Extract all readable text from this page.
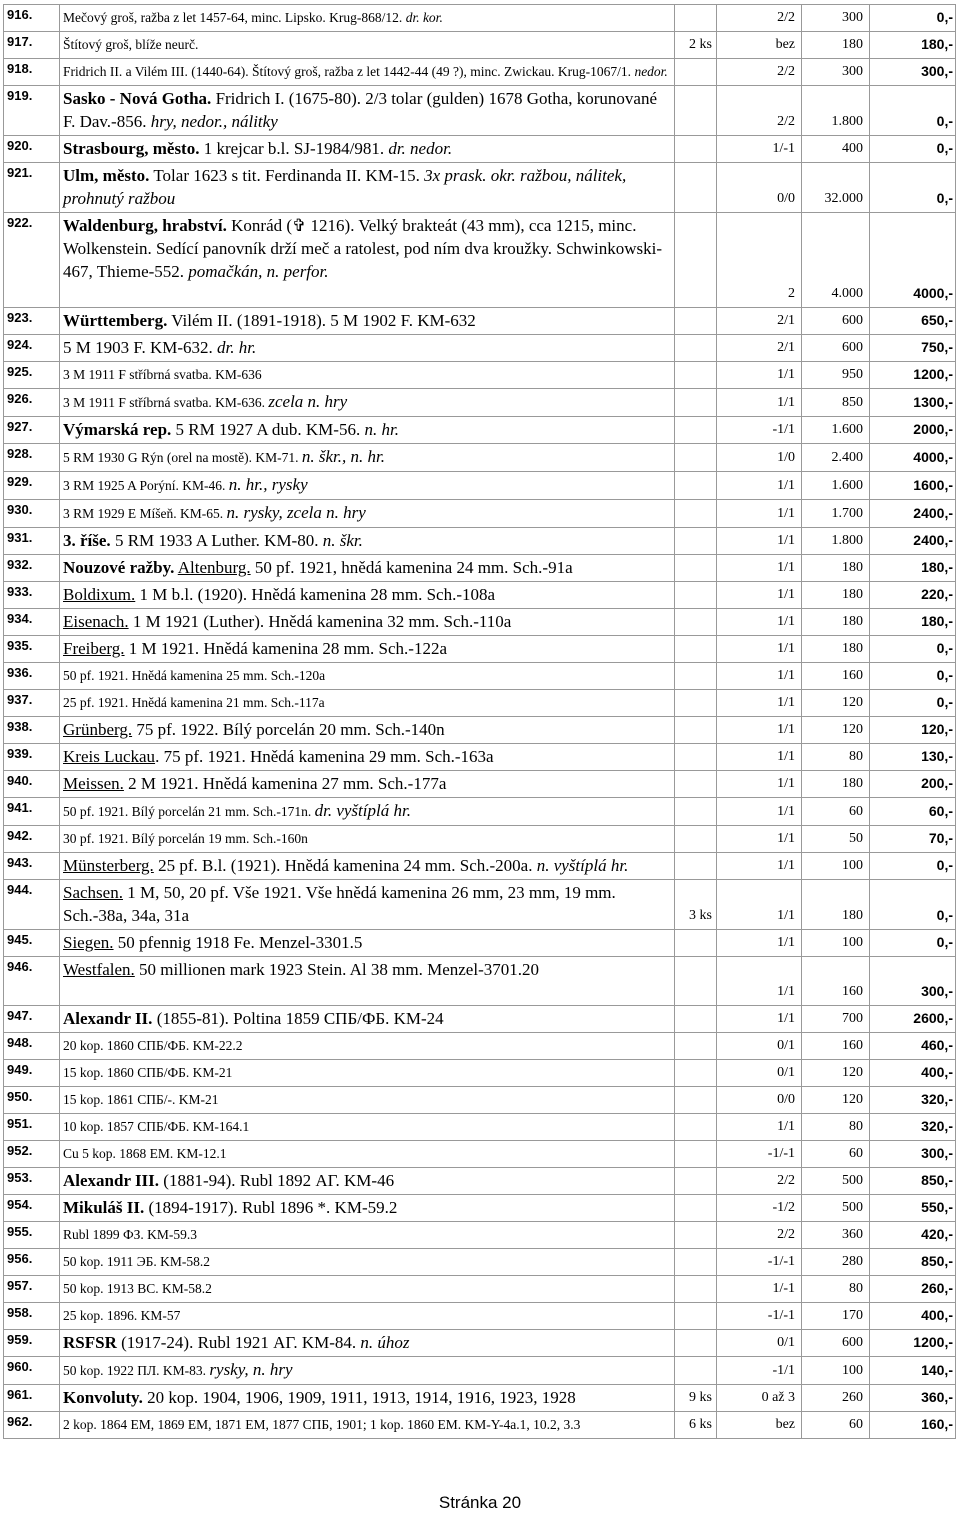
916.	Mečový groš, ražba z let 1457-64, minc. Lipsko. Krug-868/12. dr. kor.		2/2	300	0,-
917.	Štítový groš, blíže neurč.	2 ks	bez	180	180,-
918.	Fridrich II. a Vilém III. (1440-64). Štítový groš, ražba z let 1442-44 (49 ?), minc. Zwickau. Krug-1067/1. nedor.		2/2	300	300,-
919.	Sasko - Nová Gotha. Fridrich I. (1675-80). 2/3 tolar (gulden) 1678 Gotha, korunované F. Dav.-856. hry, nedor., nálitky		2/2	1.800	0,-
920.	Strasbourg, město. 1 krejcar b.l. SJ-1984/981. dr. nedor.		1/-1	400	0,-
921.	Ulm, město. Tolar 1623 s tit. Ferdinanda II. KM-15. 3x prask. okr. ražbou, nálitek, prohnutý ražbou		0/0	32.000	0,-
922.	Waldenburg, hrabství. Konrád (✞ 1216). Velký brakteát (43 mm), cca 1215, minc. Wolkenstein. Sedící panovník drží meč a ratolest, pod ním dva kroužky. Schwinkowski-467, Thieme-552. pomačkán, n. perfor.		2	4.000	4000,-
923.	Württemberg. Vilém II. (1891-1918). 5 M 1902 F. KM-632		2/1	600	650,-
924.	5 M 1903 F. KM-632. dr. hr.		2/1	600	750,-
925.	3 M 1911 F stříbrná svatba. KM-636		1/1	950	1200,-
926.	3 M 1911 F stříbrná svatba. KM-636. zcela n. hry		1/1	850	1300,-
927.	Výmarská rep. 5 RM 1927 A dub. KM-56. n. hr.		-1/1	1.600	2000,-
928.	5 RM 1930 G Rýn (orel na mostě). KM-71. n. škr., n. hr.		1/0	2.400	4000,-
929.	3 RM 1925 A Porýní. KM-46. n. hr., rysky		1/1	1.600	1600,-
930.	3 RM 1929 E Míšeň. KM-65. n. rysky, zcela n. hry		1/1	1.700	2400,-
931.	3. říše. 5 RM 1933 A Luther. KM-80. n. škr.		1/1	1.800	2400,-
932.	Nouzové ražby. Altenburg. 50 pf. 1921, hnědá kamenina 24 mm. Sch.-91a		1/1	180	180,-
933.	Boldixum. 1 M b.l. (1920). Hnědá kamenina 28 mm. Sch.-108a		1/1	180	220,-
934.	Eisenach. 1 M 1921 (Luther). Hnědá kamenina 32 mm. Sch.-110a		1/1	180	180,-
935.	Freiberg. 1 M 1921. Hnědá kamenina 28 mm. Sch.-122a		1/1	180	0,-
936.	50 pf. 1921. Hnědá kamenina 25 mm. Sch.-120a		1/1	160	0,-
937.	25 pf. 1921. Hnědá kamenina 21 mm. Sch.-117a		1/1	120	0,-
938.	Grünberg. 75 pf. 1922. Bílý porcelán 20 mm. Sch.-140n		1/1	120	120,-
939.	Kreis Luckau. 75 pf. 1921. Hnědá kamenina 29 mm. Sch.-163a		1/1	80	130,-
940.	Meissen. 2 M 1921. Hnědá kamenina 27 mm. Sch.-177a		1/1	180	200,-
941.	50 pf. 1921. Bílý porcelán 21 mm. Sch.-171n. dr. vyštíplá hr.		1/1	60	60,-
942.	30 pf. 1921. Bílý porcelán 19 mm. Sch.-160n		1/1	50	70,-
943.	Münsterberg. 25 pf. B.l. (1921). Hnědá kamenina 24 mm. Sch.-200a. n. vyštíplá hr.		1/1	100	0,-
944.	Sachsen. 1 M, 50, 20 pf. Vše 1921. Vše hnědá kamenina 26 mm, 23 mm, 19 mm. Sch.-38a, 34a, 31a	3 ks	1/1	180	0,-
945.	Siegen. 50 pfennig 1918 Fe. Menzel-3301.5		1/1	100	0,-
946.	Westfalen. 50 millionen mark 1923 Stein. Al 38 mm. Menzel-3701.20		1/1	160	300,-
947.	Alexandr II. (1855-81). Poltina 1859 СПБ/ФБ. KM-24		1/1	700	2600,-
948.	20 kop. 1860 СПБ/ФБ. KM-22.2		0/1	160	460,-
949.	15 kop. 1860 СПБ/ФБ. KM-21		0/1	120	400,-
950.	15 kop. 1861 СПБ/-. KM-21		0/0	120	320,-
951.	10 kop. 1857 СПБ/ФБ. KM-164.1		1/1	80	320,-
952.	Cu 5 kop. 1868 EM. KM-12.1		-1/-1	60	300,-
953.	Alexandr III. (1881-94). Rubl 1892 АГ. KM-46		2/2	500	850,-
954.	Mikuláš II. (1894-1917). Rubl 1896 *. KM-59.2		-1/2	500	550,-
955.	Rubl 1899 ФЗ. KM-59.3		2/2	360	420,-
956.	50 kop. 1911 ЭБ. KM-58.2		-1/-1	280	850,-
957.	50 kop. 1913 ВС. KM-58.2		1/-1	80	260,-
958.	25 kop. 1896. KM-57		-1/-1	170	400,-
959.	RSFSR (1917-24). Rubl 1921 АГ. KM-84. n. úhoz		0/1	600	1200,-
960.	50 kop. 1922 ПЛ. KM-83. rysky, n. hry		-1/1	100	140,-
961.	Konvoluty. 20 kop. 1904, 1906, 1909, 1911, 1913, 1914, 1916, 1923, 1928	9 ks	0 až 3	260	360,-
962.	2 kop. 1864 EM, 1869 EM, 1871 EM, 1877 СПБ, 1901; 1 kop. 1860 EM. KM-Y-4a.1, 10.2, 3.3	6 ks	bez	60	160,-
Stránka 20
